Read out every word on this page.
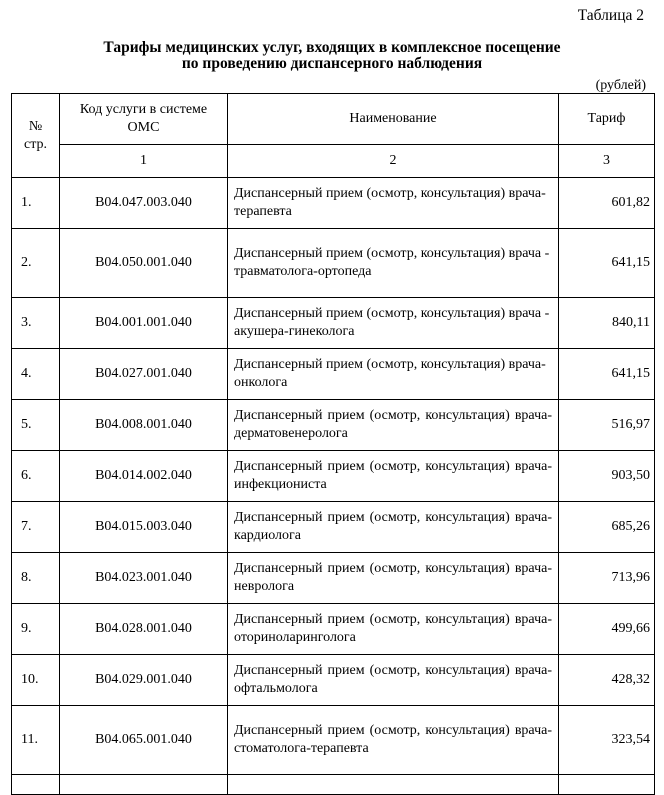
Таблица 2
Тарифы медицинских услуг, входящих в комплексное посещение
по проведению диспансерного наблюдения
(рублей)
№ стр.	Код услуги в системе ОМС	Наименование	Тариф
	1	2	3
1.	B04.047.003.040	Диспансерный прием (осмотр, консультация) врача-терапевта	601,82
2.	B04.050.001.040	Диспансерный прием (осмотр, консультация) врача - травматолога-ортопеда	641,15
3.	B04.001.001.040	Диспансерный прием (осмотр, консультация) врача - акушера-гинеколога	840,11
4.	B04.027.001.040	Диспансерный прием (осмотр, консультация) врача-онколога	641,15
5.	B04.008.001.040	Диспансерный прием (осмотр, консультация) врача-дерматовенеролога	516,97
6.	B04.014.002.040	Диспансерный прием (осмотр, консультация) врача-инфекциониста	903,50
7.	B04.015.003.040	Диспансерный прием (осмотр, консультация) врача-кардиолога	685,26
8.	B04.023.001.040	Диспансерный прием (осмотр, консультация) врача-невролога	713,96
9.	B04.028.001.040	Диспансерный прием (осмотр, консультация) врача-оториноларинголога	499,66
10.	B04.029.001.040	Диспансерный прием (осмотр, консультация) врача-офтальмолога	428,32
11.	B04.065.001.040	Диспансерный прием (осмотр, консультация) врача-стоматолога-терапевта	323,54
